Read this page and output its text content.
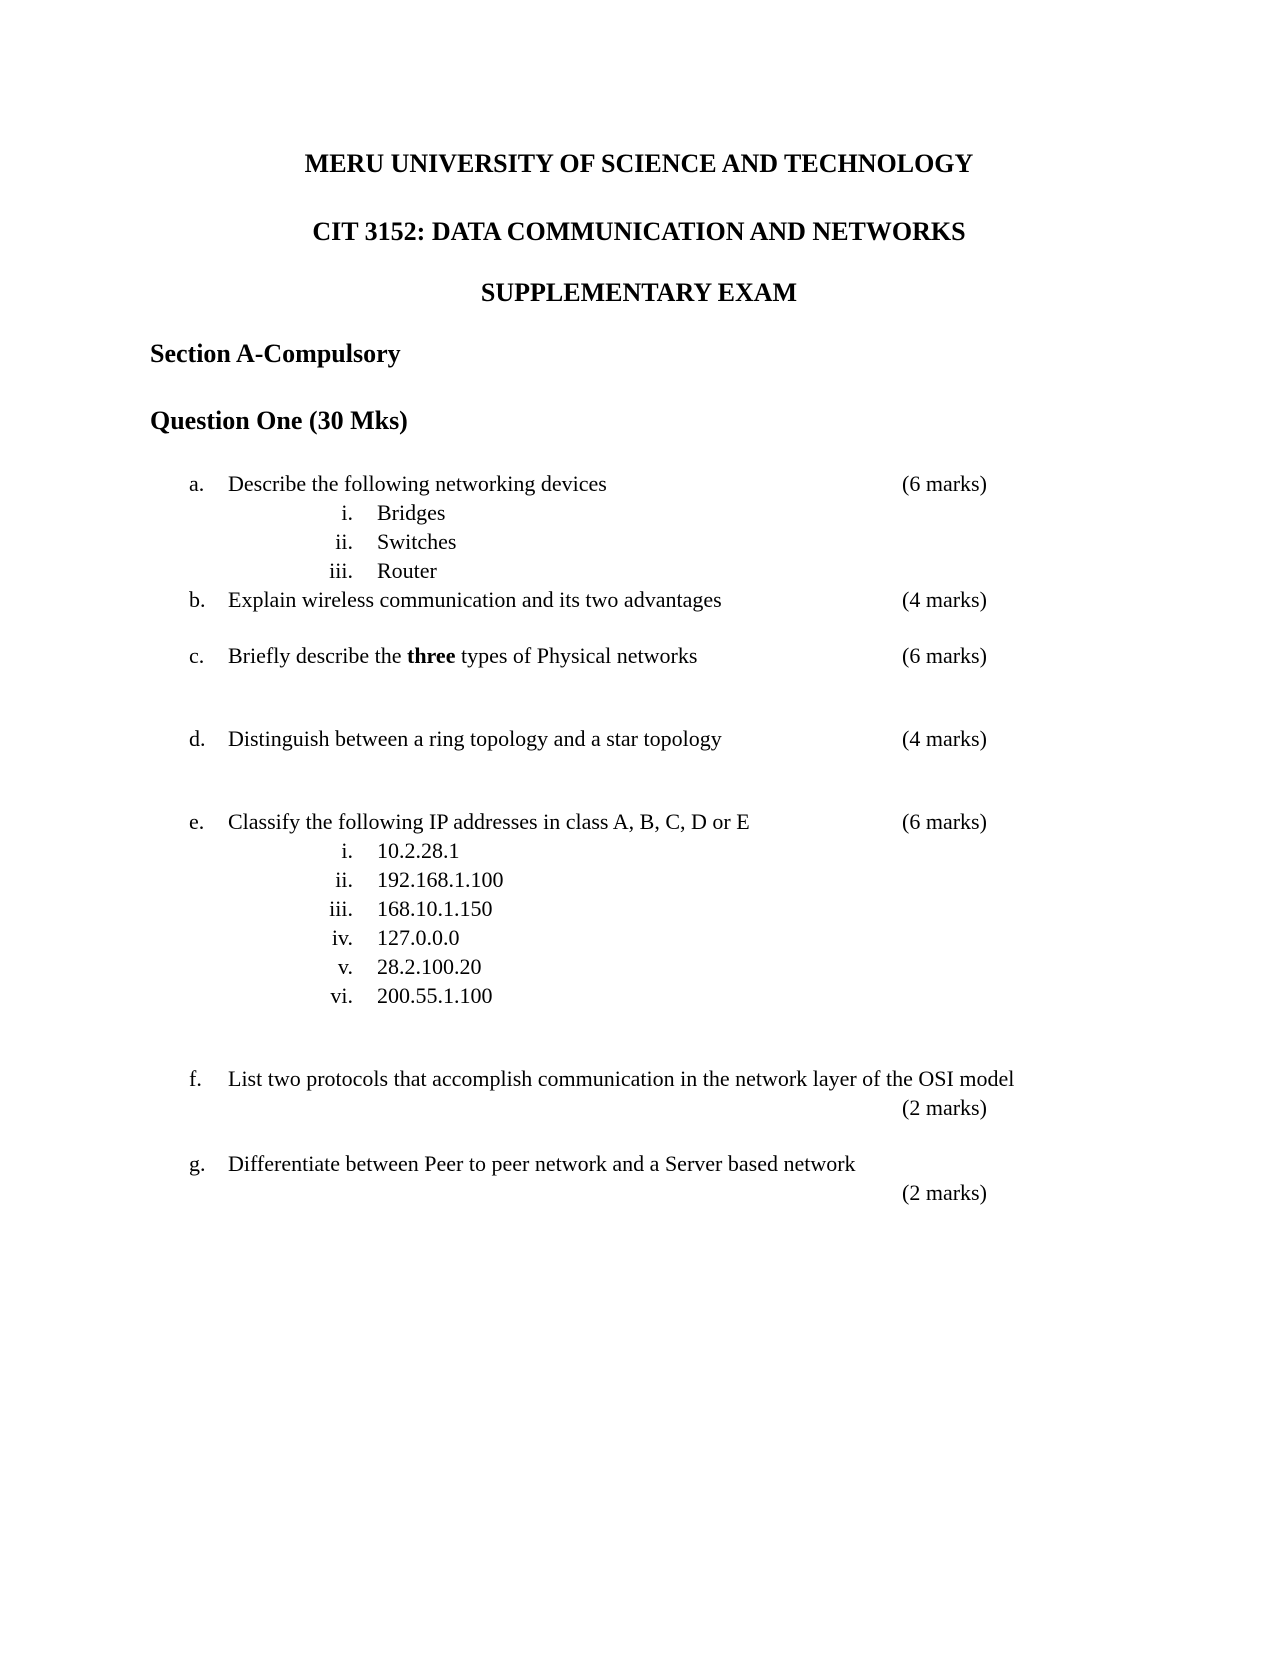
MERU UNIVERSITY OF SCIENCE AND TECHNOLOGY
CIT 3152: DATA COMMUNICATION AND NETWORKS
SUPPLEMENTARY EXAM
Section A-Compulsory
Question One (30 Mks)
a. Describe the following networking devices	(6 marks)
i. Bridges
ii. Switches
iii. Router
b. Explain wireless communication and its two advantages	(4 marks)
c. Briefly describe the three types of Physical networks	(6 marks)
d. Distinguish between a ring topology and a star topology	(4 marks)
e. Classify the following IP addresses in class A, B, C, D or E	(6 marks)
i. 10.2.28.1
ii. 192.168.1.100
iii. 168.10.1.150
iv. 127.0.0.0
v. 28.2.100.20
vi. 200.55.1.100
f. List two protocols that accomplish communication in the network layer of the OSI model
(2 marks)
g. Differentiate between Peer to peer network and a Server based network
(2 marks)
